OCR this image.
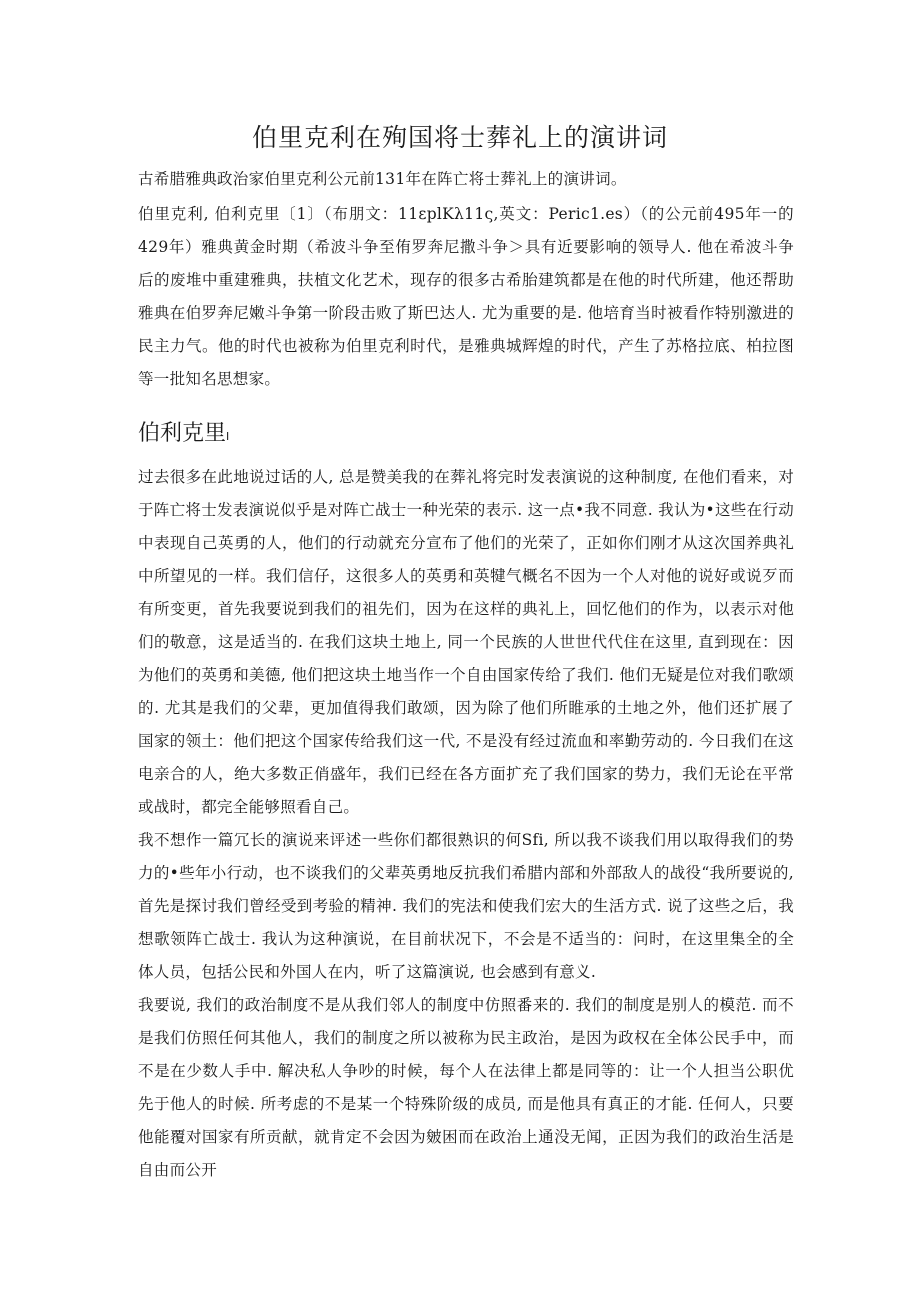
伯里克利在殉国将士葬礼上的演讲词

古希腊雅典政治家伯里克利公元前131年在阵亡将士葬礼上的演讲词。

伯里克利, 伯利克里〔1〕（布朋文：11εplKλ11ς,英文：Peric1.es）（的公元前495年一的429年）雅典黄金时期（希波斗争至侑罗奔尼撒斗争＞具有近要影响的领导人. 他在希波斗争后的废堆中重建雅典，扶植文化艺术，现存的很多古希胎建筑都是在他的时代所建，他还帮助雅典在伯罗奔尼嫩斗争第一阶段击败了斯巴达人. 尤为重要的是. 他培育当时被看作特别激进的民主力气。他的时代也被称为伯里克利时代，是雅典城辉煌的时代，产生了苏格拉底、柏拉图等一批知名思想家。

伯利克里I

过去很多在此地说过话的人, 总是赞美我的在葬礼将完时发表演说的这种制度, 在他们看来，对于阵亡将士发表演说似乎是对阵亡战士一种光荣的表示. 这一点•我不同意. 我认为•这些在行动中表现自己英勇的人，他们的行动就充分宣布了他们的光荣了，正如你们刚才从这次国养典礼中所望见的一样。我们信仔，这很多人的英勇和英犍气概名不因为一个人对他的说好或说歹而有所变更，首先我要说到我们的祖先们，因为在这样的典礼上，回忆他们的作为，以表示对他们的敬意，这是适当的. 在我们这块土地上, 同一个民族的人世世代代住在这里, 直到现在：因为他们的英勇和美德, 他们把这块土地当作一个自由国家传给了我们. 他们无疑是位对我们歌颂的. 尤其是我们的父辈，更加值得我们敢颂，因为除了他们所睢承的土地之外，他们还扩展了国家的领土：他们把这个国家传给我们这一代, 不是没有经过流血和率勤劳动的. 今日我们在这电亲合的人，绝大多数正俏盛年，我们已经在各方面扩充了我们国家的势力，我们无论在平常或战时，都完全能够照看自己。

我不想作一篇冗长的演说来评述一些你们都很熟识的何Sfi, 所以我不谈我们用以取得我们的势力的•些年小行动，也不谈我们的父辈英勇地反抗我们希腊内部和外部敌人的战役“我所要说的, 首先是探讨我们曾经受到考验的精神. 我们的宪法和使我们宏大的生活方式. 说了这些之后，我想歌领阵亡战士. 我认为这种演说，在目前状况下，不会是不适当的：问时，在这里集全的全体人员，包括公民和外国人在内，听了这篇演说, 也会感到有意义.

我要说, 我们的政治制度不是从我们邻人的制度中仿照番来的. 我们的制度是别人的模范. 而不是我们仿照任何其他人，我们的制度之所以被称为民主政治，是因为政权在全体公民手中，而不是在少数人手中. 解决私人争吵的时候，每个人在法律上都是同等的：让一个人担当公职优先于他人的时候. 所考虑的不是某一个特殊阶级的成员, 而是他具有真正的才能. 任何人，只要他能覆对国家有所贡献，就肯定不会因为皴困而在政治上通没无闻，正因为我们的政治生活是自由而公开
